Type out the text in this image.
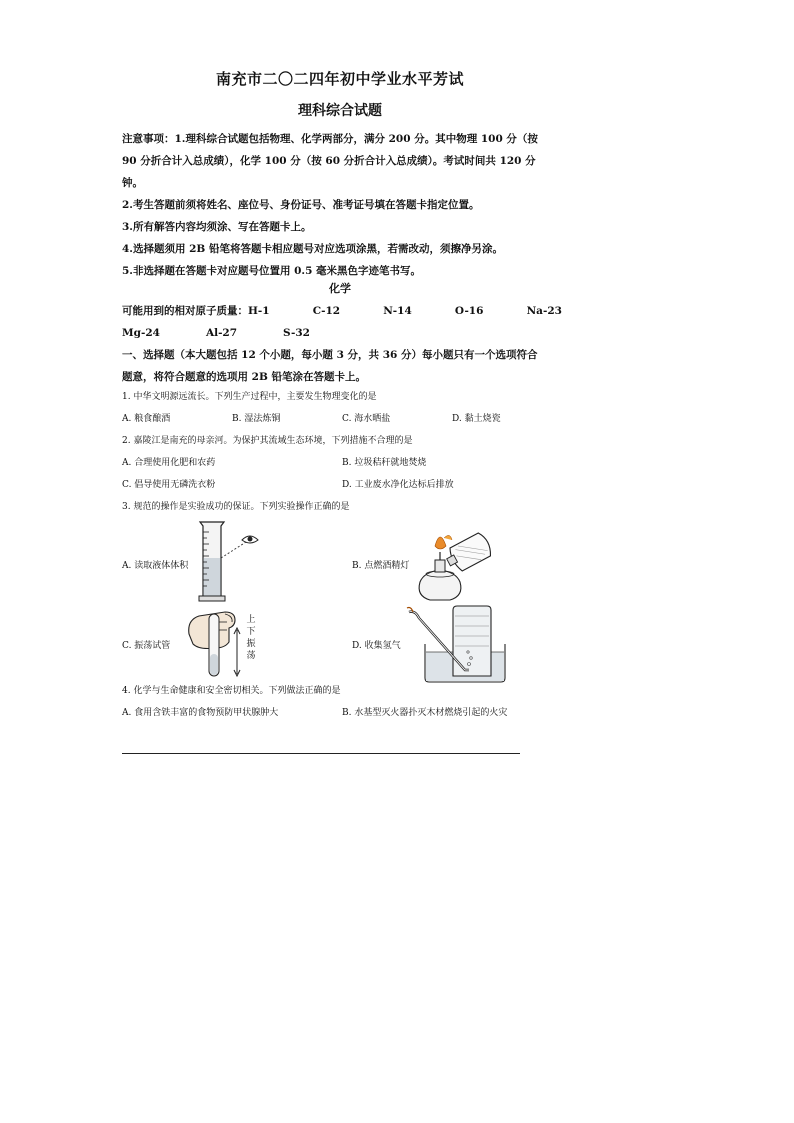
南充市二〇二四年初中学业水平芳试
理科综合试题
注意事项：1.理科综合试题包括物理、化学两部分，满分 200 分。其中物理 100 分（按
90 分折合计入总成绩），化学 100 分（按 60 分折合计入总成绩）。考试时间共 120 分
钟。
2.考生答题前须将姓名、座位号、身份证号、准考证号填在答题卡指定位置。
3.所有解答内容均须涂、写在答题卡上。
4.选择题须用 2B 铅笔将答题卡相应题号对应选项涂黑，若需改动，须擦净另涂。
5.非选择题在答题卡对应题号位置用 0.5 毫米黑色字迹笔书写。
化学
可能用到的相对原子质量：H-1	C-12	N-14	O-16	Na-23
Mg-24	Al-27	S-32
一、选择题（本大题包括 12 个小题，每小题 3 分，共 36 分）每小题只有一个选项符合
题意，将符合题意的选项用 2B 铅笔涂在答题卡上。
1. 中华文明源远流长。下列生产过程中，主要发生物理变化的是
A. 粮食酿酒	B. 湿法炼铜	C. 海水晒盐	D. 黏土烧瓷
2. 嘉陵江是南充的母亲河。为保护其流域生态环境，下列措施不合理的是
A. 合理使用化肥和农药	B. 垃圾秸秆就地焚烧
C. 倡导使用无磷洗衣粉	D. 工业废水净化达标后排放
3. 规范的操作是实验成功的保证。下列实验操作正确的是
A. 读取液体体积	B. 点燃酒精灯
C. 振荡试管	D. 收集氢气
上
下
振
荡
4. 化学与生命健康和安全密切相关。下列做法正确的是
A. 食用含铁丰富的食物预防甲状腺肿大	B. 水基型灭火器扑灭木材燃烧引起的火灾
